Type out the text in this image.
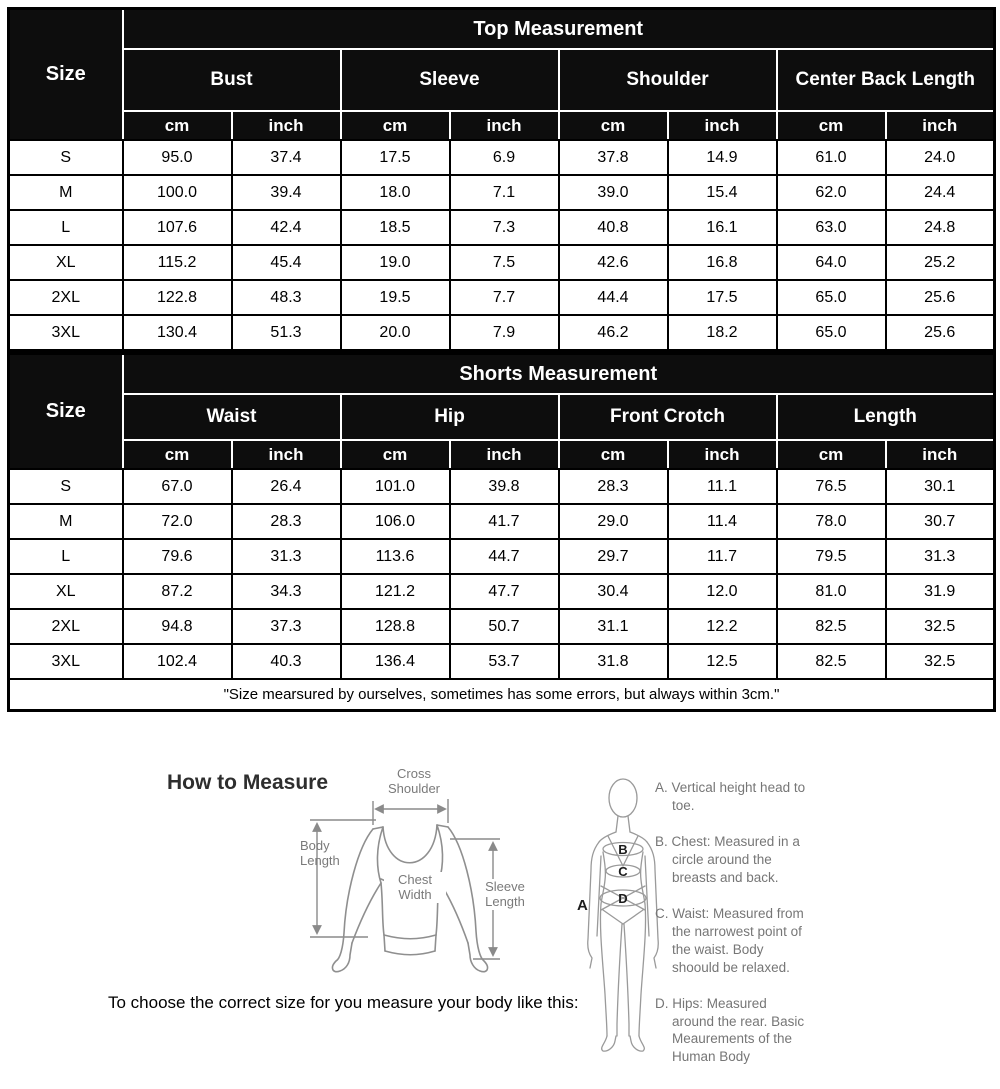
Size	Top Measurement							
	Bust		Sleeve		Shoulder		Center Back Length	
	cm	inch	cm	inch	cm	inch	cm	inch
S	95.0	37.4	17.5	6.9	37.8	14.9	61.0	24.0
M	100.0	39.4	18.0	7.1	39.0	15.4	62.0	24.4
L	107.6	42.4	18.5	7.3	40.8	16.1	63.0	24.8
XL	115.2	45.4	19.0	7.5	42.6	16.8	64.0	25.2
2XL	122.8	48.3	19.5	7.7	44.4	17.5	65.0	25.6
3XL	130.4	51.3	20.0	7.9	46.2	18.2	65.0	25.6
Size	Shorts Measurement							
	Waist		Hip		Front Crotch		Length	
	cm	inch	cm	inch	cm	inch	cm	inch
S	67.0	26.4	101.0	39.8	28.3	11.1	76.5	30.1
M	72.0	28.3	106.0	41.7	29.0	11.4	78.0	30.7
L	79.6	31.3	113.6	44.7	29.7	11.7	79.5	31.3
XL	87.2	34.3	121.2	47.7	30.4	12.0	81.0	31.9
2XL	94.8	37.3	128.8	50.7	31.1	12.2	82.5	32.5
3XL	102.4	40.3	136.4	53.7	31.8	12.5	82.5	32.5
"Size mearsured by ourselves, sometimes has some errors, but always within 3cm."								
How to Measure	Cross Shoulder
Body Length
Chest Width
Sleeve Length	A
B
C
D

A. Vertical height head to toe.

B. Chest: Measured in a circle around the breasts and back.

C. Waist: Measured from the narrowest point of the waist. Body shoould be relaxed.

D. Hips: Measured around the rear. Basic Meaurements of the Human Body

To choose the correct size for you measure your body like this:
